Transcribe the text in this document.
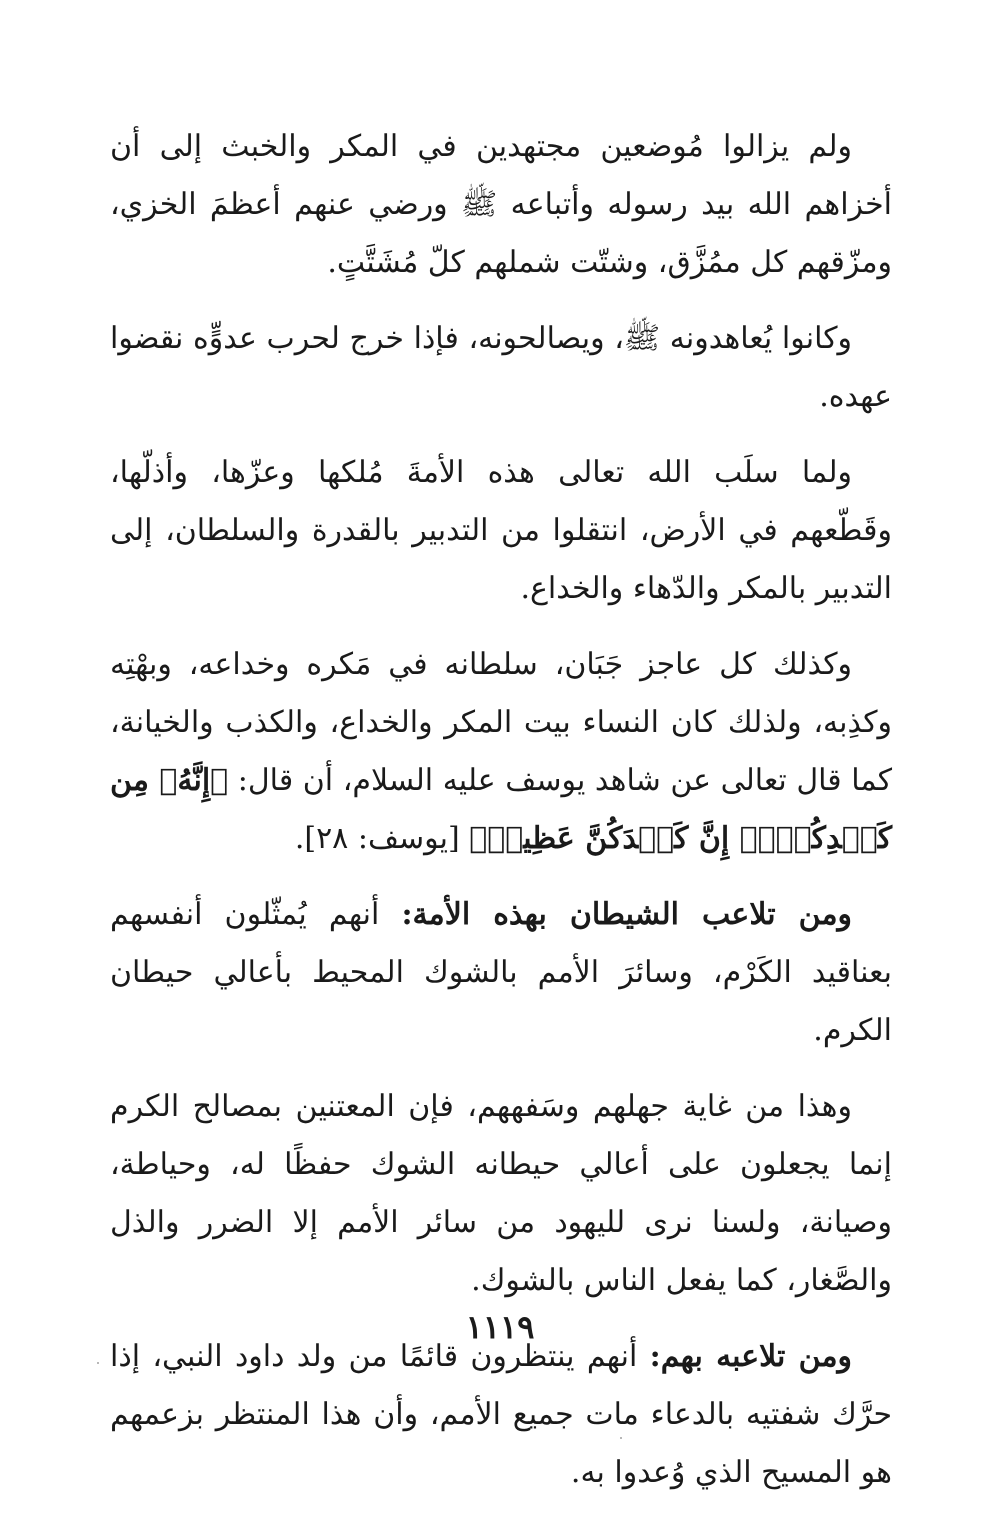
ولم يزالوا مُوضعين مجتهدين في المكر والخبث إلى أن أخزاهم الله بيد رسوله وأتباعه ﷺ ورضي عنهم أعظمَ الخزي، ومزّقهم كل ممُزَّق، وشتّت شملهم كلّ مُشَتَّتٍ.

وكانوا يُعاهدونه ﷺ، ويصالحونه، فإذا خرج لحرب عدوٍّه نقضوا عهده.

ولما سلَب الله تعالى هذه الأمةَ مُلكها وعزّها، وأذلّها، وقَطّعهم في الأرض، انتقلوا من التدبير بالقدرة والسلطان، إلى التدبير بالمكر والدّهاء والخداع.

وكذلك كل عاجز جَبَان، سلطانه في مَكره وخداعه، وبهْتِه وكذِبه، ولذلك كان النساء بيت المكر والخداع، والكذب والخيانة، كما قال تعالى عن شاهد يوسف عليه السلام، أن قال: ﴿إِنَّهُۥ مِن كَيۡدِكُنَّۖ إِنَّ كَيۡدَكُنَّ عَظِيمٞ﴾ [يوسف: ٢٨].

ومن تلاعب الشيطان بهذه الأمة: أنهم يُمثّلون أنفسهم بعناقيد الكَرْم، وسائرَ الأمم بالشوك المحيط بأعالي حيطان الكرم.

وهذا من غاية جهلهم وسَفههم، فإن المعتنين بمصالح الكرم إنما يجعلون على أعالي حيطانه الشوك حفظًا له، وحياطة، وصيانة، ولسنا نرى لليهود من سائر الأمم إلا الضرر والذل والصَّغار، كما يفعل الناس بالشوك.

ومن تلاعبه بهم: أنهم ينتظرون قائمًا من ولد داود النبي، إذا حرَّك شفتيه بالدعاء مات جميع الأمم، وأن هذا المنتظر بزعمهم هو المسيح الذي وُعدوا به.

١١١٩
